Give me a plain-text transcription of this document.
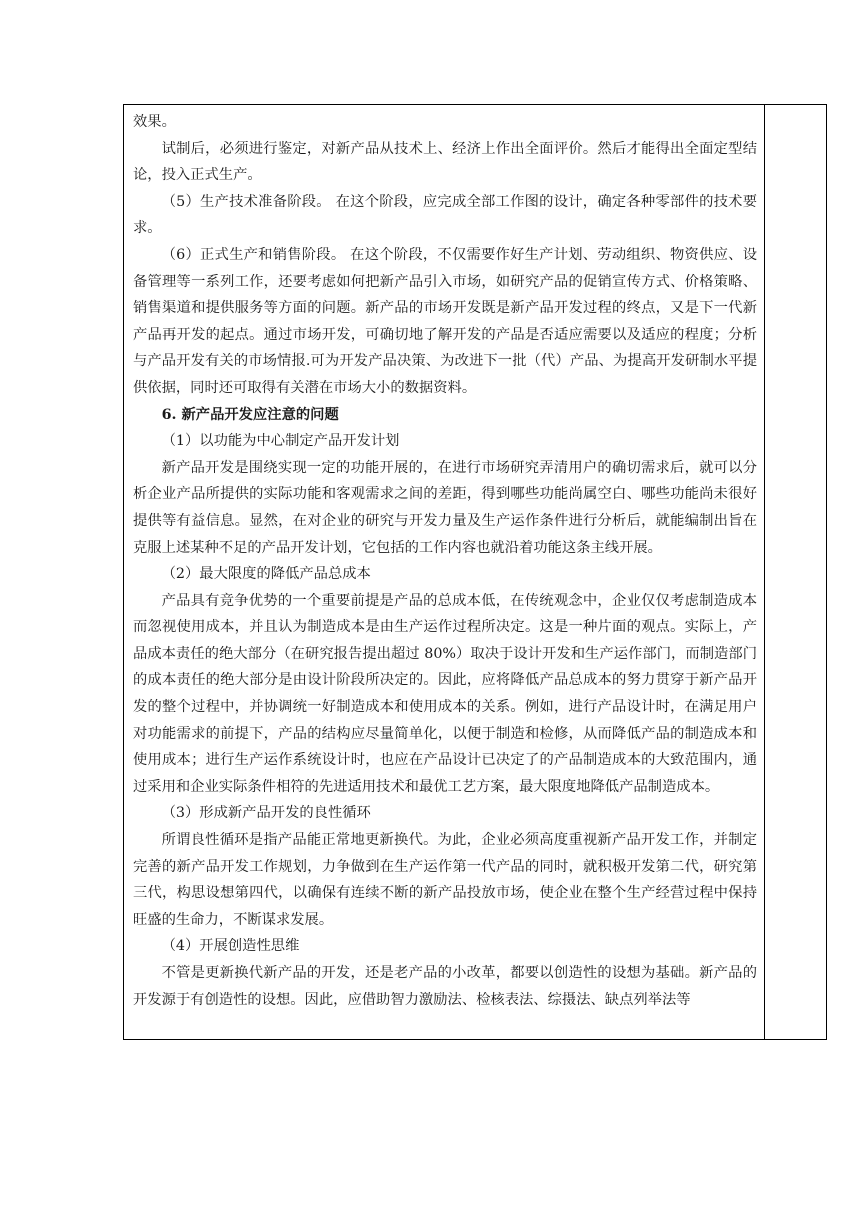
效果。

试制后，必须进行鉴定，对新产品从技术上、经济上作出全面评价。然后才能得出全面定型结论，投入正式生产。

（5）生产技术准备阶段。 在这个阶段，应完成全部工作图的设计，确定各种零部件的技术要求。

（6）正式生产和销售阶段。 在这个阶段，不仅需要作好生产计划、劳动组织、物资供应、设备管理等一系列工作，还要考虑如何把新产品引入市场，如研究产品的促销宣传方式、价格策略、销售渠道和提供服务等方面的问题。新产品的市场开发既是新产品开发过程的终点，又是下一代新产品再开发的起点。通过市场开发，可确切地了解开发的产品是否适应需要以及适应的程度；分析与产品开发有关的市场情报.可为开发产品决策、为改进下一批（代）产品、为提高开发研制水平提供依据，同时还可取得有关潜在市场大小的数据资料。

6. 新产品开发应注意的问题

（1）以功能为中心制定产品开发计划

新产品开发是围绕实现一定的功能开展的，在进行市场研究弄清用户的确切需求后，就可以分析企业产品所提供的实际功能和客观需求之间的差距，得到哪些功能尚属空白、哪些功能尚未很好提供等有益信息。显然，在对企业的研究与开发力量及生产运作条件进行分析后，就能编制出旨在克服上述某种不足的产品开发计划，它包括的工作内容也就沿着功能这条主线开展。

（2）最大限度的降低产品总成本

产品具有竞争优势的一个重要前提是产品的总成本低，在传统观念中，企业仅仅考虑制造成本而忽视使用成本，并且认为制造成本是由生产运作过程所决定。这是一种片面的观点。实际上，产品成本责任的绝大部分（在研究报告提出超过 80%）取决于设计开发和生产运作部门，而制造部门的成本责任的绝大部分是由设计阶段所决定的。因此，应将降低产品总成本的努力贯穿于新产品开发的整个过程中，并协调统一好制造成本和使用成本的关系。例如，进行产品设计时，在满足用户对功能需求的前提下，产品的结构应尽量简单化，以便于制造和检修，从而降低产品的制造成本和使用成本；进行生产运作系统设计时，也应在产品设计已决定了的产品制造成本的大致范围内，通过采用和企业实际条件相符的先进适用技术和最优工艺方案，最大限度地降低产品制造成本。

（3）形成新产品开发的良性循环

所谓良性循环是指产品能正常地更新换代。为此，企业必须高度重视新产品开发工作，并制定完善的新产品开发工作规划，力争做到在生产运作第一代产品的同时，就积极开发第二代，研究第三代，构思设想第四代，以确保有连续不断的新产品投放市场，使企业在整个生产经营过程中保持旺盛的生命力，不断谋求发展。

（4）开展创造性思维

不管是更新换代新产品的开发，还是老产品的小改革，都要以创造性的设想为基础。新产品的开发源于有创造性的设想。因此，应借助智力激励法、检核表法、综摄法、缺点列举法等
